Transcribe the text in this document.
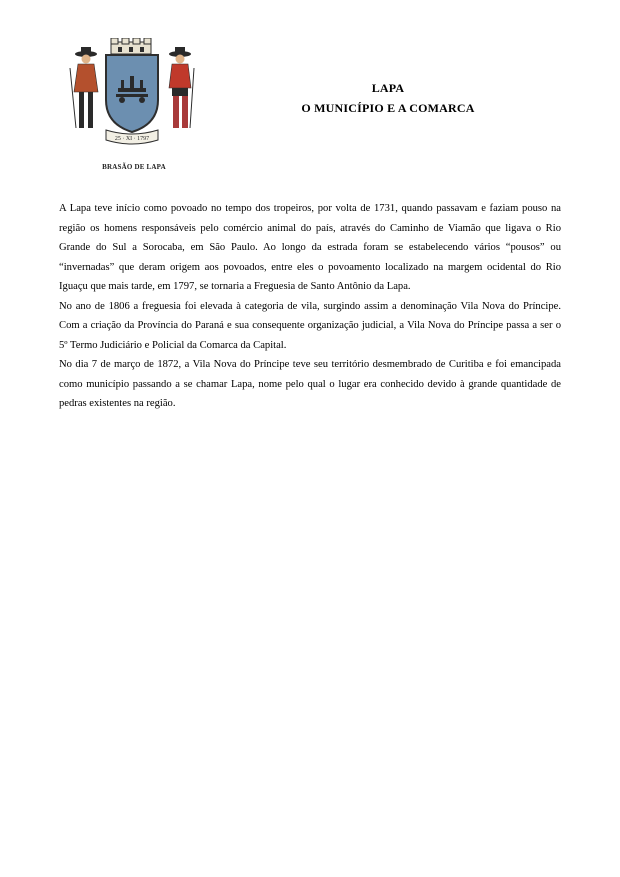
25 · XI · 1797
BRASÃO DE LAPA
LAPA
O MUNICÍPIO E A COMARCA

A Lapa teve início como povoado no tempo dos tropeiros, por volta de 1731, quando passavam e faziam pouso na região os homens responsáveis pelo comércio animal do país, através do Caminho de Viamão que ligava o Rio Grande do Sul a Sorocaba, em São Paulo. Ao longo da estrada foram se estabelecendo vários “pousos” ou “invernadas” que deram origem aos povoados, entre eles o povoamento localizado na margem ocidental do Rio Iguaçu que mais tarde, em 1797, se tornaria a Freguesia de Santo Antônio da Lapa.

No ano de 1806 a freguesia foi elevada à categoria de vila, surgindo assim a denominação Vila Nova do Príncipe. Com a criação da Província do Paraná e sua consequente organização judicial, a Vila Nova do Príncipe passa a ser o 5º Termo Judiciário e Policial da Comarca da Capital.

No dia 7 de março de 1872, a Vila Nova do Príncipe teve seu território desmembrado de Curitiba e foi emancipada como município passando a se chamar Lapa, nome pelo qual o lugar era conhecido devido à grande quantidade de pedras existentes na região.
